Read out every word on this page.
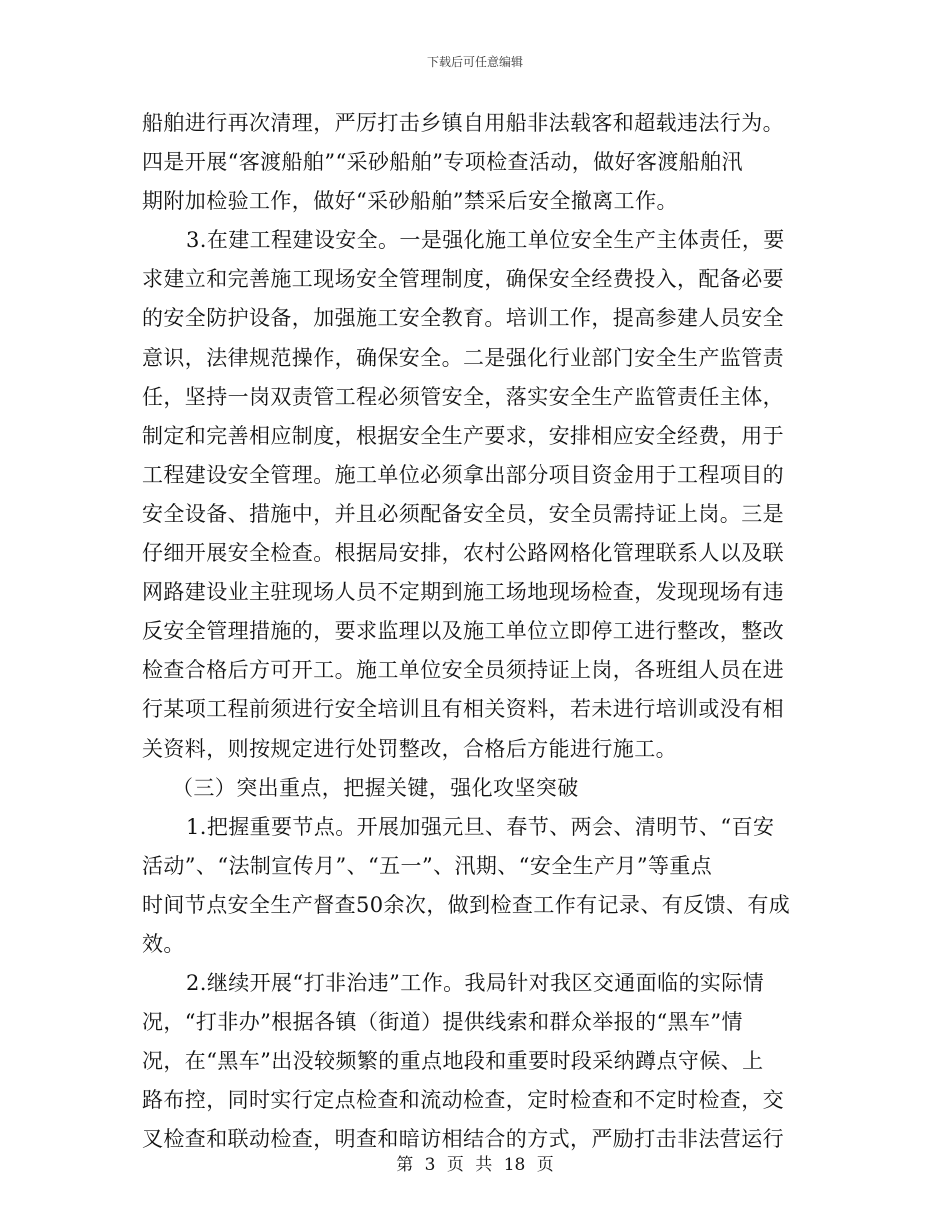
下载后可任意编辑
船舶进行再次清理，严厉打击乡镇自用船非法载客和超载违法行为。
四是开展“客渡船舶”“采砂船舶”专项检查活动，做好客渡船舶汛
期附加检验工作，做好“采砂船舶”禁采后安全撤离工作。
3.在建工程建设安全。一是强化施工单位安全生产主体责任，要
求建立和完善施工现场安全管理制度，确保安全经费投入，配备必要
的安全防护设备，加强施工安全教育。培训工作，提高参建人员安全
意识，法律规范操作，确保安全。二是强化行业部门安全生产监管责
任，坚持一岗双责管工程必须管安全，落实安全生产监管责任主体，
制定和完善相应制度，根据安全生产要求，安排相应安全经费，用于
工程建设安全管理。施工单位必须拿出部分项目资金用于工程项目的
安全设备、措施中，并且必须配备安全员，安全员需持证上岗。三是
仔细开展安全检查。根据局安排，农村公路网格化管理联系人以及联
网路建设业主驻现场人员不定期到施工场地现场检查，发现现场有违
反安全管理措施的，要求监理以及施工单位立即停工进行整改，整改
检查合格后方可开工。施工单位安全员须持证上岗，各班组人员在进
行某项工程前须进行安全培训且有相关资料，若未进行培训或没有相
关资料，则按规定进行处罚整改，合格后方能进行施工。
（三）突出重点，把握关键，强化攻坚突破
1.把握重要节点。开展加强元旦、春节、两会、清明节、“百安
活动”、“法制宣传月”、“五一”、汛期、“安全生产月”等重点
时间节点安全生产督查50余次，做到检查工作有记录、有反馈、有成
效。
2.继续开展“打非治违”工作。我局针对我区交通面临的实际情
况，“打非办”根据各镇（街道）提供线索和群众举报的“黑车”情
况，在“黑车”出没较频繁的重点地段和重要时段采纳蹲点守候、上
路布控，同时实行定点检查和流动检查，定时检查和不定时检查，交
叉检查和联动检查，明查和暗访相结合的方式，严励打击非法营运行
第 3 页 共 18 页
